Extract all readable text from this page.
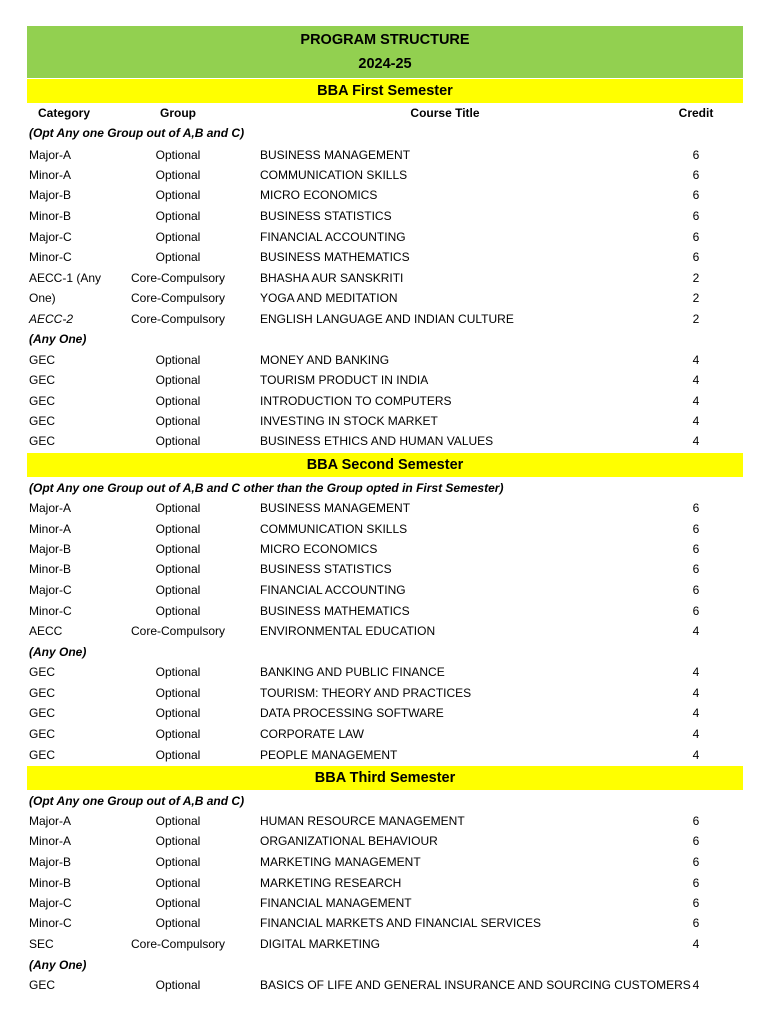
PROGRAM STRUCTURE
2024-25
BBA First Semester
Category	Group	Course Title	Credit
(Opt Any one Group out of A,B and C)
Major-A	Optional	BUSINESS MANAGEMENT	6
Minor-A	Optional	COMMUNICATION SKILLS	6
Major-B	Optional	MICRO ECONOMICS	6
Minor-B	Optional	BUSINESS STATISTICS	6
Major-C	Optional	FINANCIAL ACCOUNTING	6
Minor-C	Optional	BUSINESS MATHEMATICS	6
AECC-1 (Any	Core-Compulsory	BHASHA AUR SANSKRITI	2
One)	Core-Compulsory	YOGA AND MEDITATION	2
AECC-2	Core-Compulsory	ENGLISH LANGUAGE AND INDIAN CULTURE	2
(Any One)
GEC	Optional	MONEY AND BANKING	4
GEC	Optional	TOURISM PRODUCT IN INDIA	4
GEC	Optional	INTRODUCTION TO COMPUTERS	4
GEC	Optional	INVESTING IN STOCK MARKET	4
GEC	Optional	BUSINESS ETHICS AND HUMAN VALUES	4
BBA Second Semester
(Opt Any one Group out of A,B and C other than the Group opted in First Semester)
Major-A	Optional	BUSINESS MANAGEMENT	6
Minor-A	Optional	COMMUNICATION SKILLS	6
Major-B	Optional	MICRO ECONOMICS	6
Minor-B	Optional	BUSINESS STATISTICS	6
Major-C	Optional	FINANCIAL ACCOUNTING	6
Minor-C	Optional	BUSINESS MATHEMATICS	6
AECC	Core-Compulsory	ENVIRONMENTAL EDUCATION	4
(Any One)
GEC	Optional	BANKING AND PUBLIC FINANCE	4
GEC	Optional	TOURISM: THEORY AND PRACTICES	4
GEC	Optional	DATA PROCESSING SOFTWARE	4
GEC	Optional	CORPORATE LAW	4
GEC	Optional	PEOPLE MANAGEMENT	4
BBA Third Semester
(Opt Any one Group out of A,B and C)
Major-A	Optional	HUMAN RESOURCE MANAGEMENT	6
Minor-A	Optional	ORGANIZATIONAL BEHAVIOUR	6
Major-B	Optional	MARKETING MANAGEMENT	6
Minor-B	Optional	MARKETING RESEARCH	6
Major-C	Optional	FINANCIAL MANAGEMENT	6
Minor-C	Optional	FINANCIAL MARKETS AND FINANCIAL SERVICES	6
SEC	Core-Compulsory	DIGITAL MARKETING	4
(Any One)
GEC	Optional	BASICS OF LIFE AND GENERAL INSURANCE AND SOURCING CUSTOMERS 4
